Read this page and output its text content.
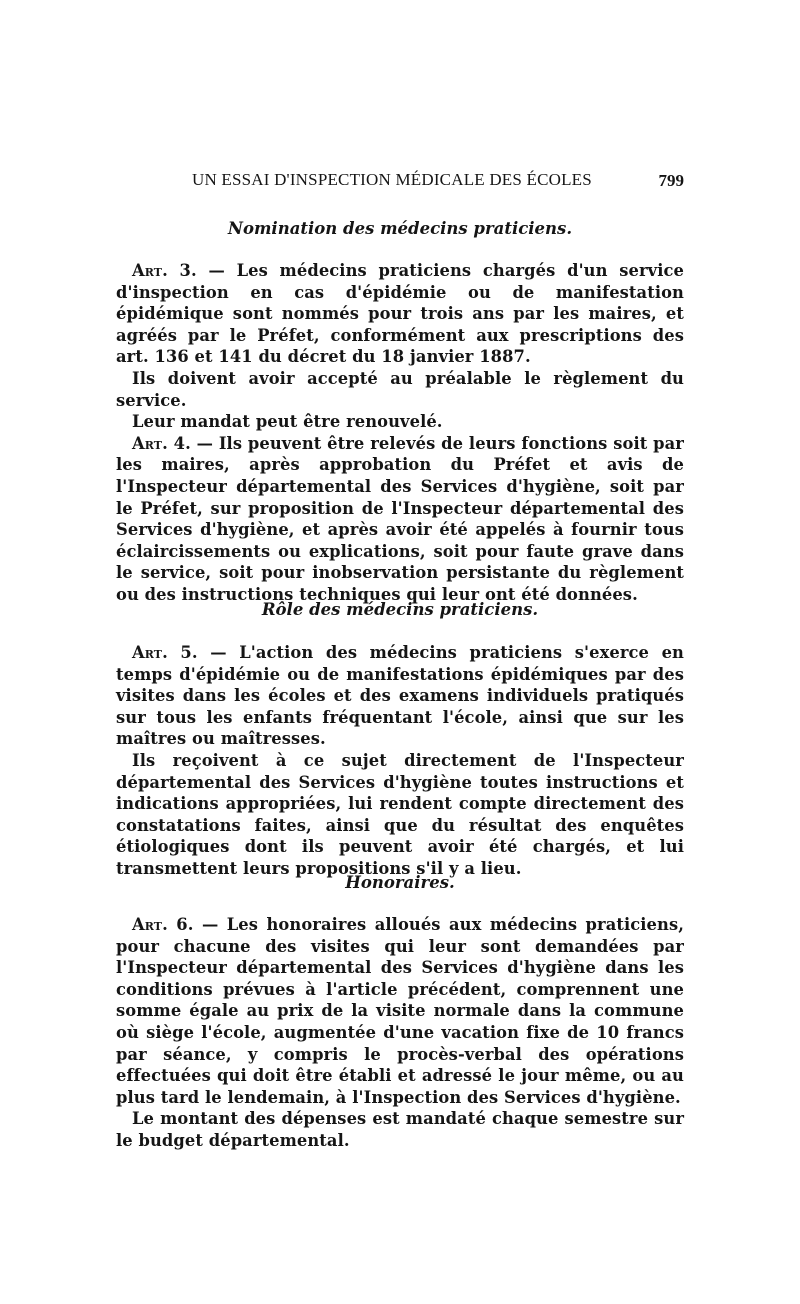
UN ESSAI D'INSPECTION MÉDICALE DES ÉCOLES	799
Nomination des médecins praticiens.

Art. 3. — Les médecins praticiens chargés d'un service d'inspection en cas d'épidémie ou de manifestation épidémique sont nommés pour trois ans par les maires, et agréés par le Préfet, conformément aux prescriptions des art. 136 et 141 du décret du 18 janvier 1887.

Ils doivent avoir accepté au préalable le règlement du service.

Leur mandat peut être renouvelé.

Art. 4. — Ils peuvent être relevés de leurs fonctions soit par les maires, après approbation du Préfet et avis de l'Inspecteur départemental des Services d'hygiène, soit par le Préfet, sur proposition de l'Inspecteur départemental des Services d'hygiène, et après avoir été appelés à fournir tous éclaircissements ou explications, soit pour faute grave dans le service, soit pour inobservation persistante du règlement ou des instructions techniques qui leur ont été données.

Rôle des médecins praticiens.

Art. 5. — L'action des médecins praticiens s'exerce en temps d'épidémie ou de manifestations épidémiques par des visites dans les écoles et des examens individuels pratiqués sur tous les enfants fréquentant l'école, ainsi que sur les maîtres ou maîtresses.

Ils reçoivent à ce sujet directement de l'Inspecteur départemental des Services d'hygiène toutes instructions et indications appropriées, lui rendent compte directement des constatations faites, ainsi que du résultat des enquêtes étiologiques dont ils peuvent avoir été chargés, et lui transmettent leurs propositions s'il y a lieu.

Honoraires.

Art. 6. — Les honoraires alloués aux médecins praticiens, pour chacune des visites qui leur sont demandées par l'Inspecteur départemental des Services d'hygiène dans les conditions prévues à l'article précédent, comprennent une somme égale au prix de la visite normale dans la commune où siège l'école, augmentée d'une vacation fixe de 10 francs par séance, y compris le procès-verbal des opérations effectuées qui doit être établi et adressé le jour même, ou au plus tard le lendemain, à l'Inspection des Services d'hygiène.

Le montant des dépenses est mandaté chaque semestre sur le budget départemental.
